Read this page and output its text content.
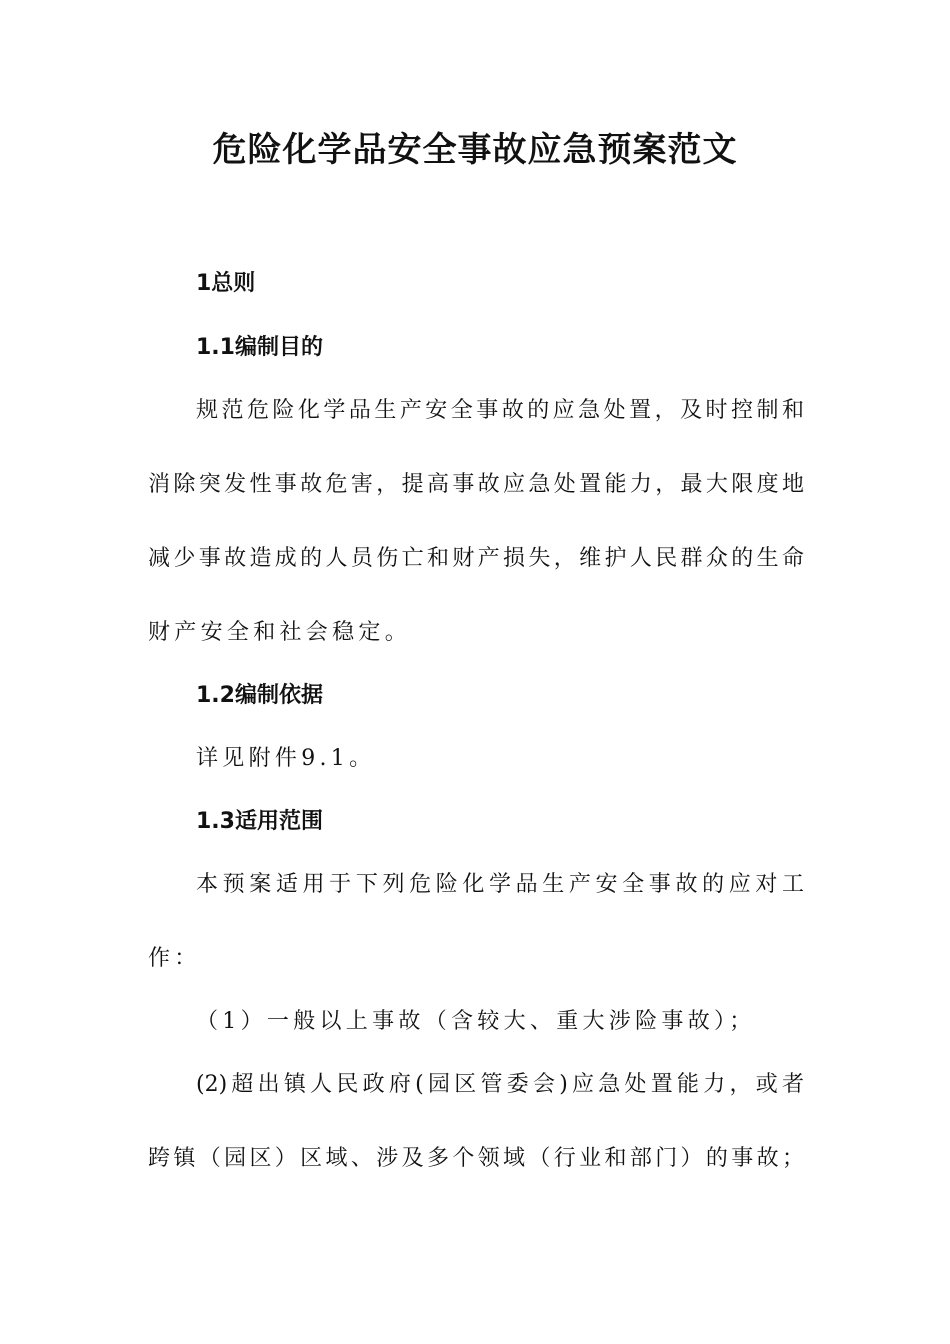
危险化学品安全事故应急预案范文
1总则
1.1编制目的
规范危险化学品生产安全事故的应急处置，及时控制和
消除突发性事故危害，提高事故应急处置能力，最大限度地
减少事故造成的人员伤亡和财产损失，维护人民群众的生命
财产安全和社会稳定。
1.2编制依据
详见附件9.1。
1.3适用范围
本预案适用于下列危险化学品生产安全事故的应对工
作：
（1）一般以上事故（含较大、重大涉险事故）；
(2)超出镇人民政府(园区管委会)应急处置能力，或者
跨镇（园区）区域、涉及多个领域（行业和部门）的事故；
